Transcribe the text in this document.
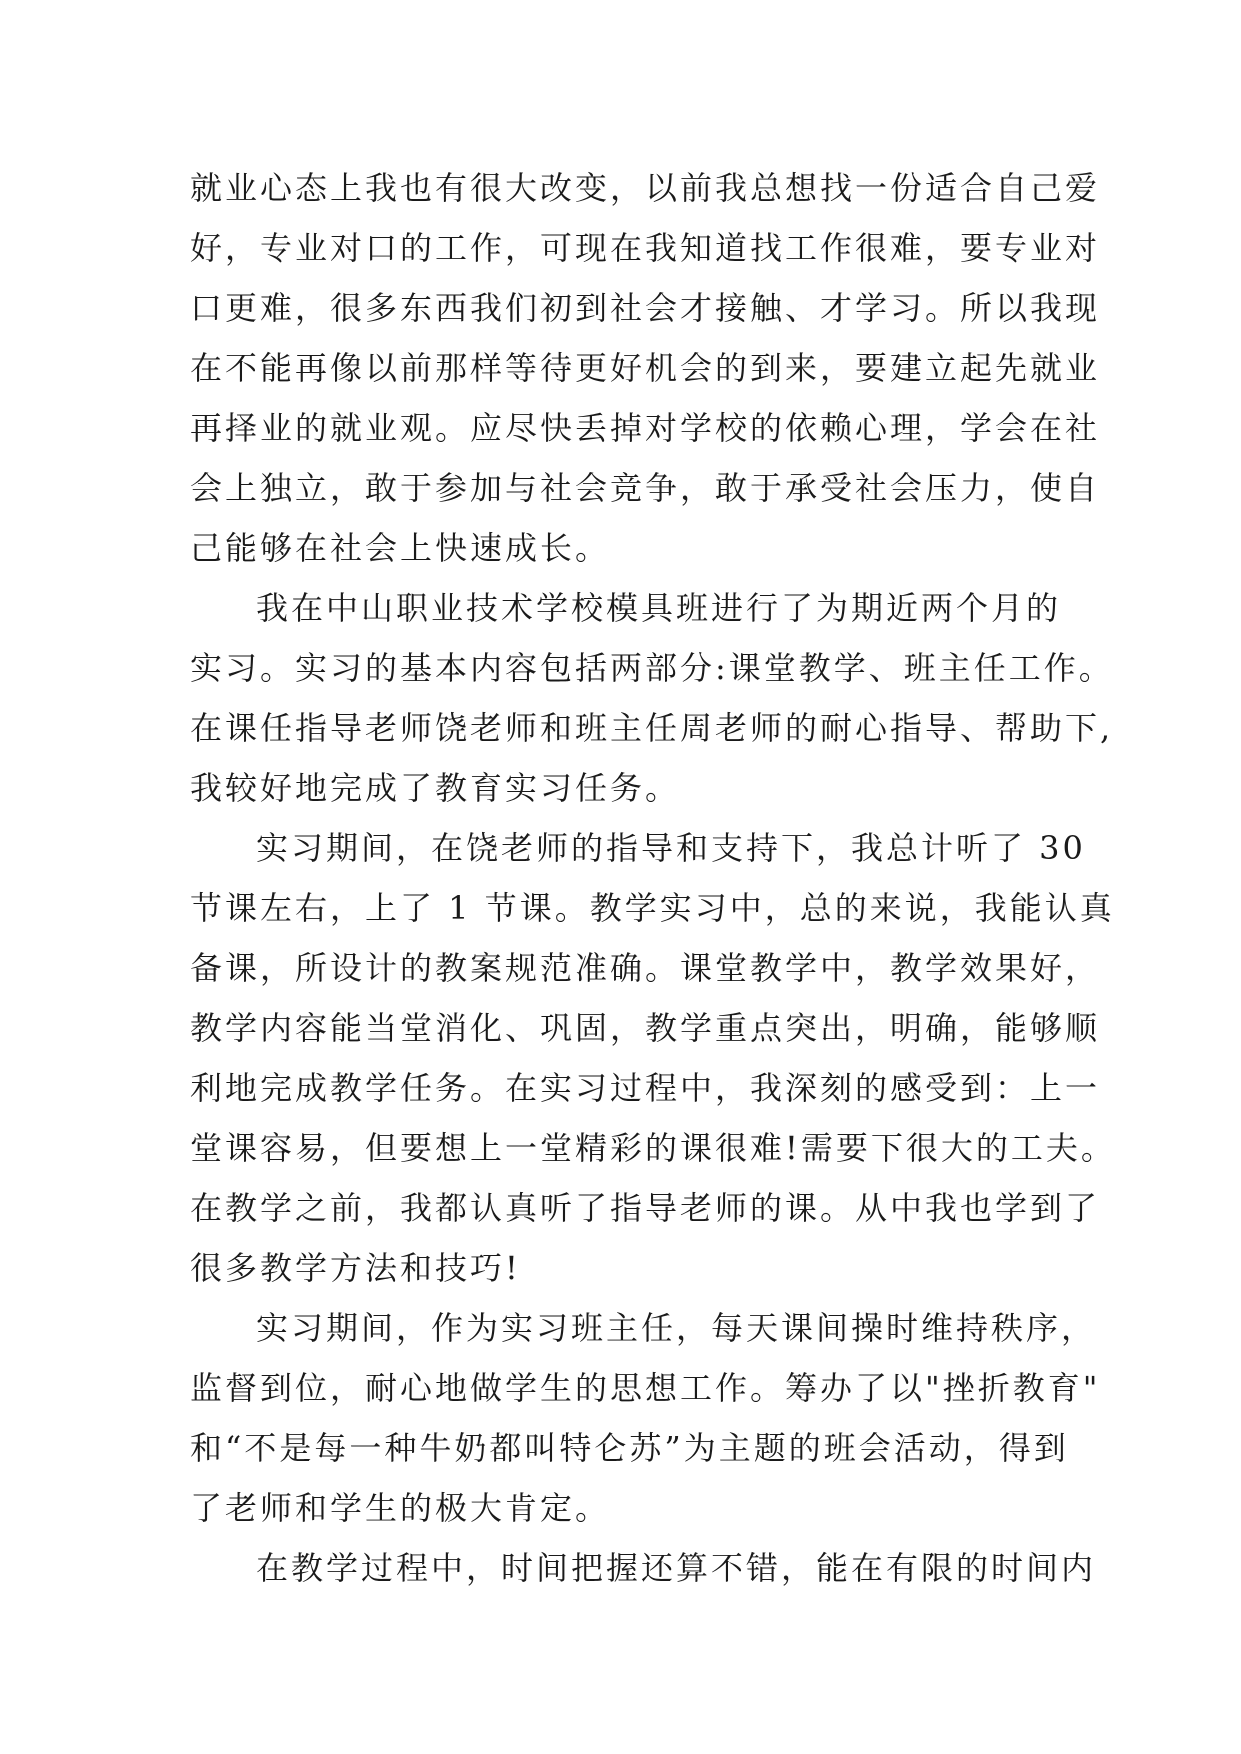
就业心态上我也有很大改变，以前我总想找一份适合自己爱
好，专业对口的工作，可现在我知道找工作很难，要专业对
口更难，很多东西我们初到社会才接触、才学习。所以我现
在不能再像以前那样等待更好机会的到来，要建立起先就业
再择业的就业观。应尽快丢掉对学校的依赖心理，学会在社
会上独立，敢于参加与社会竞争，敢于承受社会压力，使自
己能够在社会上快速成长。

我在中山职业技术学校模具班进行了为期近两个月的
实习。实习的基本内容包括两部分:课堂教学、班主任工作。
在课任指导老师饶老师和班主任周老师的耐心指导、帮助下,
我较好地完成了教育实习任务。

实习期间，在饶老师的指导和支持下，我总计听了 30
节课左右，上了 1 节课。教学实习中，总的来说，我能认真
备课，所设计的教案规范准确。课堂教学中，教学效果好，
教学内容能当堂消化、巩固，教学重点突出，明确，能够顺
利地完成教学任务。在实习过程中，我深刻的感受到：上一
堂课容易，但要想上一堂精彩的课很难!需要下很大的工夫。
在教学之前，我都认真听了指导老师的课。从中我也学到了
很多教学方法和技巧!

实习期间，作为实习班主任，每天课间操时维持秩序，
监督到位，耐心地做学生的思想工作。筹办了以"挫折教育"
和“不是每一种牛奶都叫特仑苏”为主题的班会活动，得到
了老师和学生的极大肯定。

在教学过程中，时间把握还算不错，能在有限的时间内
